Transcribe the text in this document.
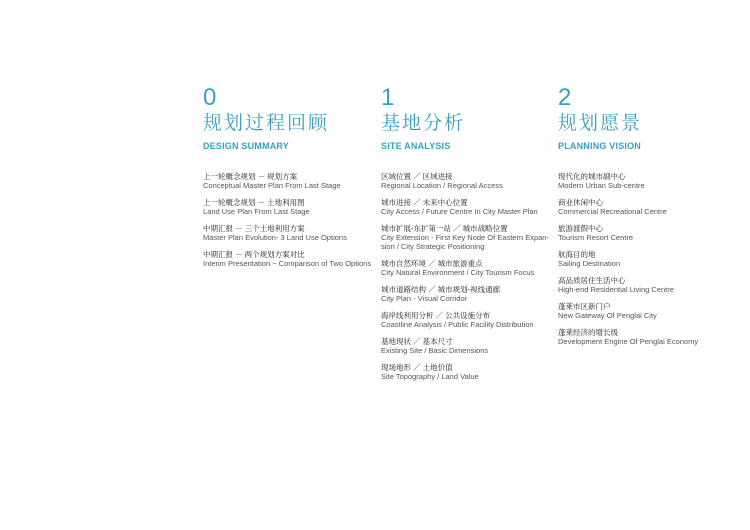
0
规划过程回顾
DESIGN SUMMARY
上一轮概念规划 － 规划方案
Conceptual Master Plan From Last Stage
上一轮概念规划 － 土地利用图
Land Use Plan From Last Stage
中期汇报 － 三个土地利用方案
Master Plan Evolution- 3 Land Use Options
中期汇报 － 两个规划方案对比
Interim Presentation ~ Comparison of Two Options
1
基地分析
SITE ANALYSIS
区域位置 ／ 区域进接
Regional Location / Regional Access
城市进接 ／ 未来中心位置
City Access / Future Centre In City Master Plan
城市扩展-东扩第一站 ／ 城市战略位置
City Extension - First Key Node Of Eastern Expan- sion / City Strategic Positioning
城市自然环境 ／ 城市旅游重点
City Natural Environment / City Tourism Focus
城市道路结构 ／ 城市规划-视线通廊
City Plan - Visual Corridor
海岸线利用分析 ／ 公共设施分布
Coastline Analysis / Public Facility Distribution
基地现状 ／ 基本尺寸
Existing Site / Basic Dimensions
现场地形 ／ 土地价值
Site Topography / Land Value
2
规划愿景
PLANNING VISION
现代化的城市副中心
Modern Urban Sub-centre
商业休闲中心
Commercial Recreational Centre
旅游渡假中心
Tourism Resort Centre
航海目的地
Sailing Destination
高品质居住生活中心
High-end Residential Living Centre
蓬莱市区新门户
New Gateway Of Penglai City
蓬莱经济的增长级
Development Engine Of Penglai Economy
